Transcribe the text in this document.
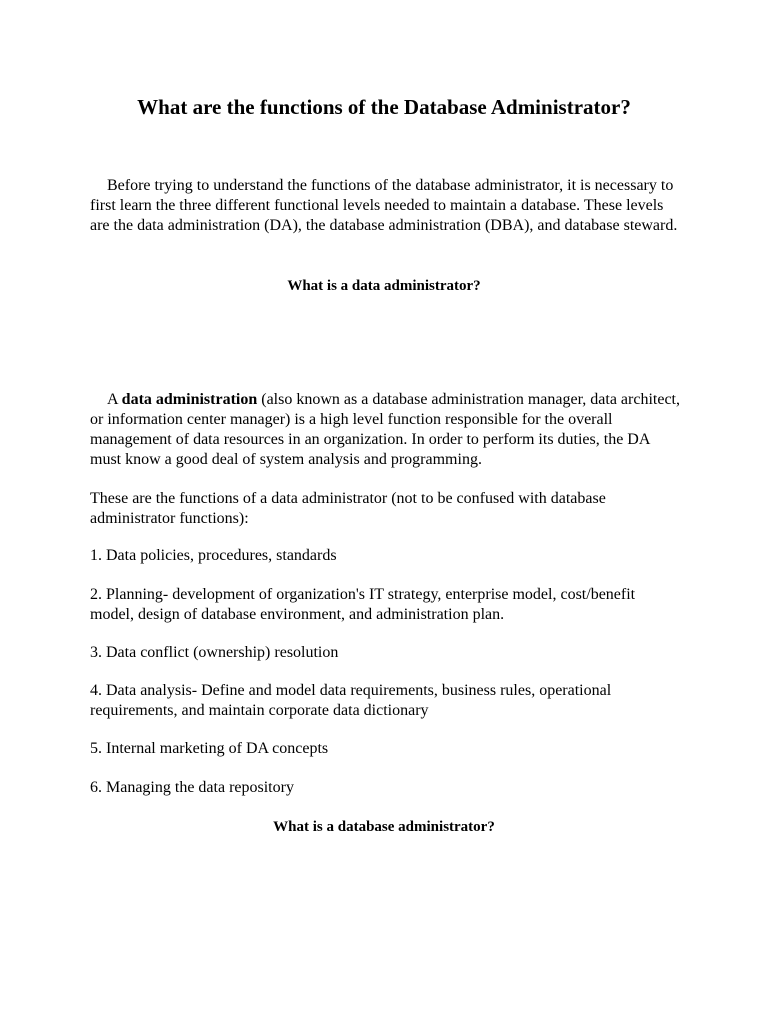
What are the functions of the Database Administrator?

Before trying to understand the functions of the database administrator, it is necessary to first learn the three different functional levels needed to maintain a database. These levels are the data administration (DA), the database administration (DBA), and database steward.

What is a data administrator?

A data administration (also known as a database administration manager, data architect, or information center manager) is a high level function responsible for the overall management of data resources in an organization. In order to perform its duties, the DA must know a good deal of system analysis and programming.

These are the functions of a data administrator (not to be confused with database administrator functions):

1. Data policies, procedures, standards

2. Planning- development of organization's IT strategy, enterprise model, cost/benefit model, design of database environment, and administration plan.

3. Data conflict (ownership) resolution

4. Data analysis- Define and model data requirements, business rules, operational requirements, and maintain corporate data dictionary

5. Internal marketing of DA concepts

6. Managing the data repository

What is a database administrator?
